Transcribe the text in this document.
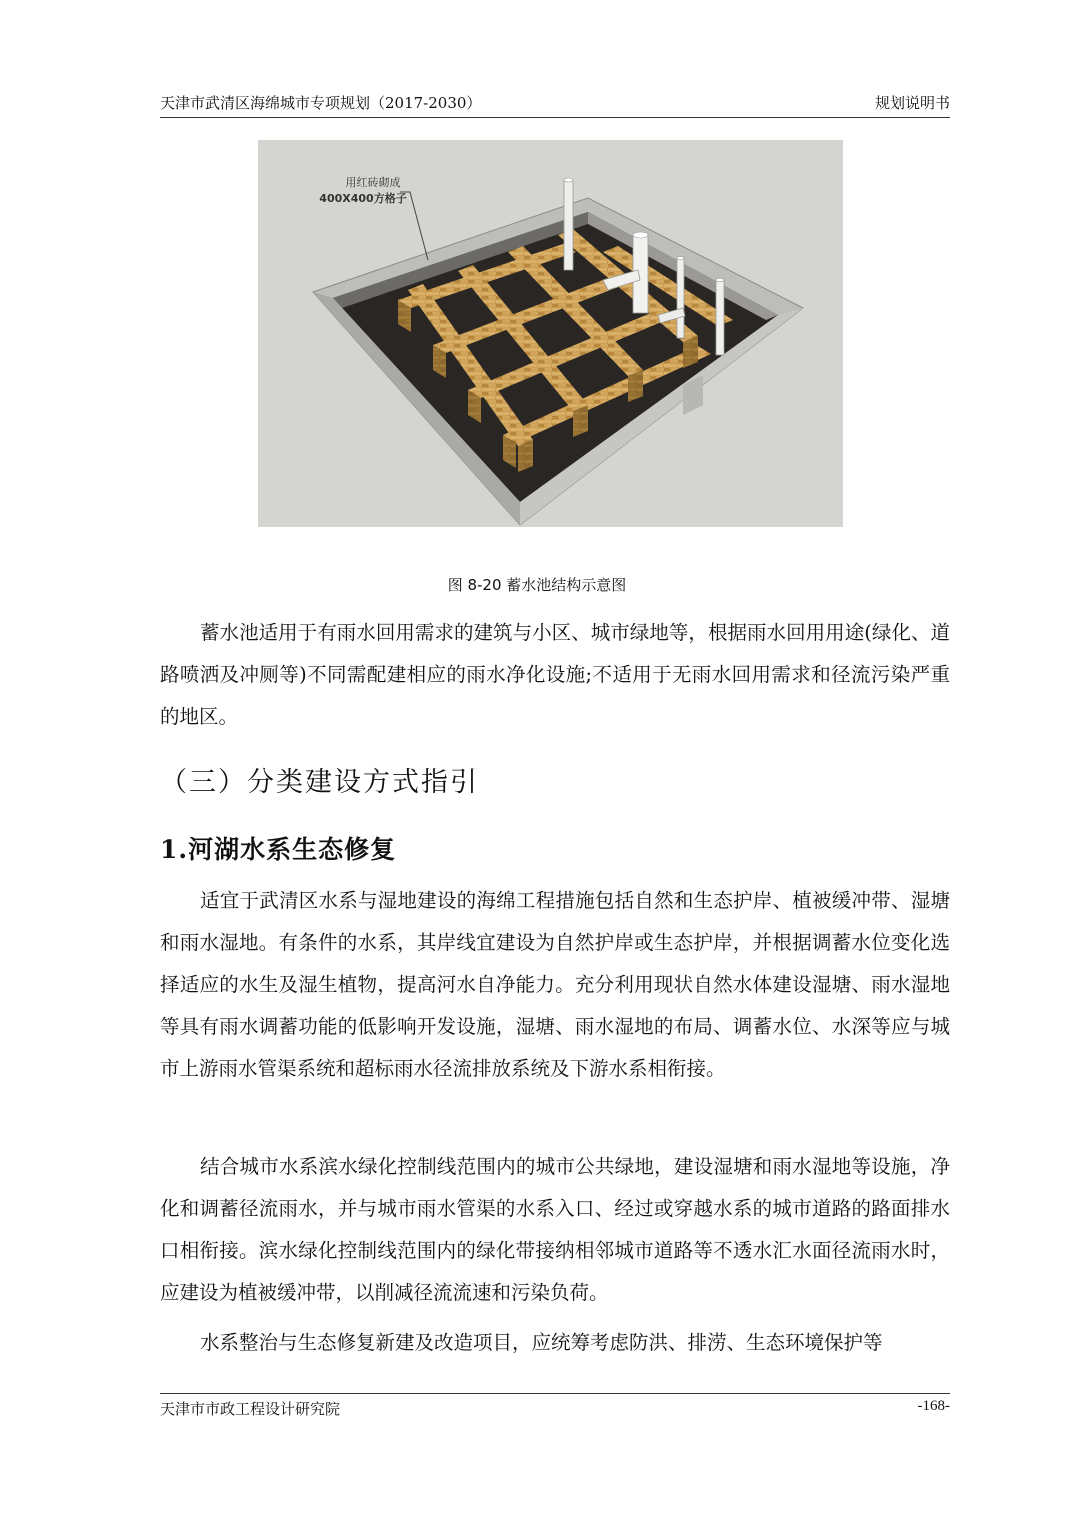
天津市武清区海绵城市专项规划（2017-2030）	规划说明书
用红砖砌成
400X400方格子
图 8-20 蓄水池结构示意图

蓄水池适用于有雨水回用需求的建筑与小区、城市绿地等，根据雨水回用用途(绿化、道路喷洒及冲厕等)不同需配建相应的雨水净化设施;不适用于无雨水回用需求和径流污染严重的地区。

（三）分类建设方式指引
1.河湖水系生态修复

适宜于武清区水系与湿地建设的海绵工程措施包括自然和生态护岸、植被缓冲带、湿塘和雨水湿地。有条件的水系，其岸线宜建设为自然护岸或生态护岸，并根据调蓄水位变化选择适应的水生及湿生植物，提高河水自净能力。充分利用现状自然水体建设湿塘、雨水湿地等具有雨水调蓄功能的低影响开发设施，湿塘、雨水湿地的布局、调蓄水位、水深等应与城市上游雨水管渠系统和超标雨水径流排放系统及下游水系相衔接。

结合城市水系滨水绿化控制线范围内的城市公共绿地，建设湿塘和雨水湿地等设施，净化和调蓄径流雨水，并与城市雨水管渠的水系入口、经过或穿越水系的城市道路的路面排水口相衔接。滨水绿化控制线范围内的绿化带接纳相邻城市道路等不透水汇水面径流雨水时，应建设为植被缓冲带，以削减径流流速和污染负荷。

水系整治与生态修复新建及改造项目，应统筹考虑防洪、排涝、生态环境保护等

天津市市政工程设计研究院	-168-
